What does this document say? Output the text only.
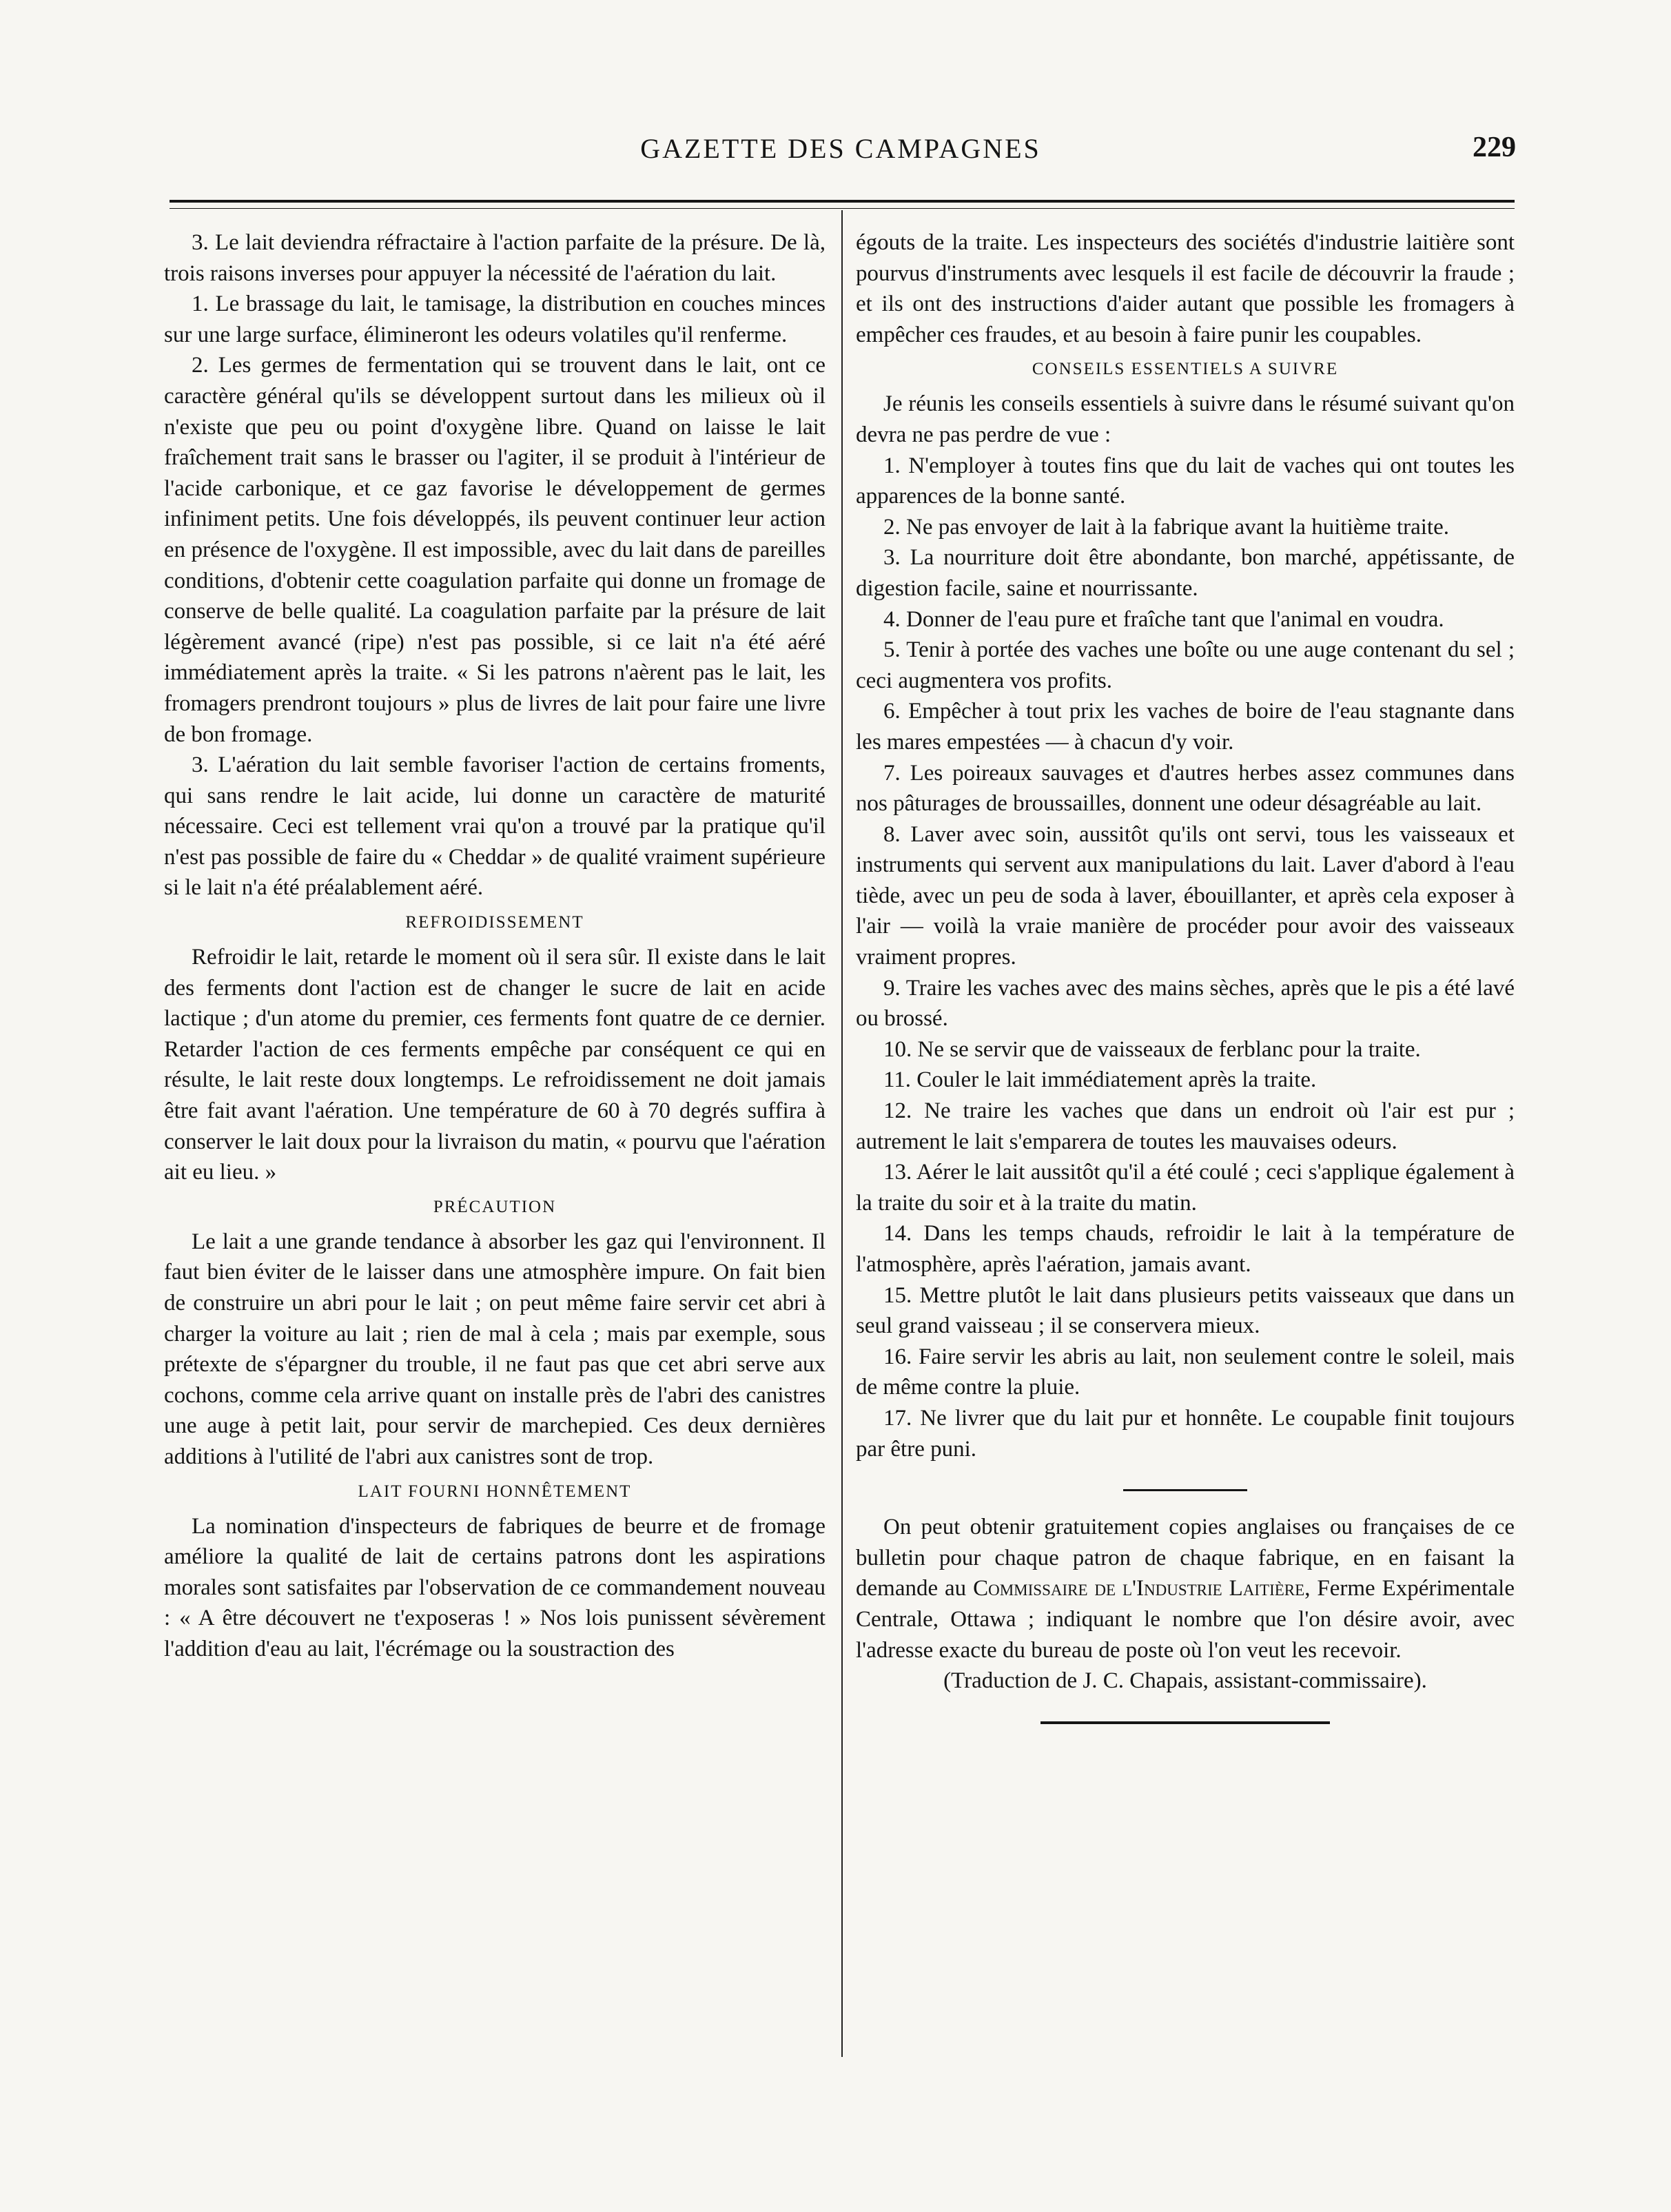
GAZETTE DES CAMPAGNES	229

3. Le lait deviendra réfractaire à l'action parfaite de la présure. De là, trois raisons inverses pour appuyer la nécessité de l'aération du lait.

1. Le brassage du lait, le tamisage, la distribution en couches minces sur une large surface, élimineront les odeurs volatiles qu'il renferme.

2. Les germes de fermentation qui se trouvent dans le lait, ont ce caractère général qu'ils se développent surtout dans les milieux où il n'existe que peu ou point d'oxygène libre. Quand on laisse le lait fraîchement trait sans le brasser ou l'agiter, il se produit à l'intérieur de l'acide carbonique, et ce gaz favorise le développement de germes infiniment petits. Une fois développés, ils peuvent continuer leur action en présence de l'oxygène. Il est impossible, avec du lait dans de pareilles conditions, d'obtenir cette coagulation parfaite qui donne un fromage de conserve de belle qualité. La coagulation parfaite par la présure de lait légèrement avancé (ripe) n'est pas possible, si ce lait n'a été aéré immédiatement après la traite. « Si les patrons n'aèrent pas le lait, les fromagers prendront toujours » plus de livres de lait pour faire une livre de bon fromage.

3. L'aération du lait semble favoriser l'action de certains froments, qui sans rendre le lait acide, lui donne un caractère de maturité nécessaire. Ceci est tellement vrai qu'on a trouvé par la pratique qu'il n'est pas possible de faire du « Cheddar » de qualité vraiment supérieure si le lait n'a été préalablement aéré.

REFROIDISSEMENT

Refroidir le lait, retarde le moment où il sera sûr. Il existe dans le lait des ferments dont l'action est de changer le sucre de lait en acide lactique ; d'un atome du premier, ces ferments font quatre de ce dernier. Retarder l'action de ces ferments empêche par conséquent ce qui en résulte, le lait reste doux longtemps. Le refroidissement ne doit jamais être fait avant l'aération. Une température de 60 à 70 degrés suffira à conserver le lait doux pour la livraison du matin, « pourvu que l'aération ait eu lieu. »

PRÉCAUTION

Le lait a une grande tendance à absorber les gaz qui l'environnent. Il faut bien éviter de le laisser dans une atmosphère impure. On fait bien de construire un abri pour le lait ; on peut même faire servir cet abri à charger la voiture au lait ; rien de mal à cela ; mais par exemple, sous prétexte de s'épargner du trouble, il ne faut pas que cet abri serve aux cochons, comme cela arrive quant on installe près de l'abri des canistres une auge à petit lait, pour servir de marchepied. Ces deux dernières additions à l'utilité de l'abri aux canistres sont de trop.

LAIT FOURNI HONNÊTEMENT

La nomination d'inspecteurs de fabriques de beurre et de fromage améliore la qualité de lait de certains patrons dont les aspirations morales sont satisfaites par l'observation de ce commandement nouveau : « A être découvert ne t'exposeras ! » Nos lois punissent sévèrement l'addition d'eau au lait, l'écrémage ou la soustraction des

égouts de la traite. Les inspecteurs des sociétés d'industrie laitière sont pourvus d'instruments avec lesquels il est facile de découvrir la fraude ; et ils ont des instructions d'aider autant que possible les fromagers à empêcher ces fraudes, et au besoin à faire punir les coupables.

CONSEILS ESSENTIELS A SUIVRE

Je réunis les conseils essentiels à suivre dans le résumé suivant qu'on devra ne pas perdre de vue :

1. N'employer à toutes fins que du lait de vaches qui ont toutes les apparences de la bonne santé.

2. Ne pas envoyer de lait à la fabrique avant la huitième traite.

3. La nourriture doit être abondante, bon marché, appétissante, de digestion facile, saine et nourrissante.

4. Donner de l'eau pure et fraîche tant que l'animal en voudra.

5. Tenir à portée des vaches une boîte ou une auge contenant du sel ; ceci augmentera vos profits.

6. Empêcher à tout prix les vaches de boire de l'eau stagnante dans les mares empestées — à chacun d'y voir.

7. Les poireaux sauvages et d'autres herbes assez communes dans nos pâturages de broussailles, donnent une odeur désagréable au lait.

8. Laver avec soin, aussitôt qu'ils ont servi, tous les vaisseaux et instruments qui servent aux manipulations du lait. Laver d'abord à l'eau tiède, avec un peu de soda à laver, ébouillanter, et après cela exposer à l'air — voilà la vraie manière de procéder pour avoir des vaisseaux vraiment propres.

9. Traire les vaches avec des mains sèches, après que le pis a été lavé ou brossé.

10. Ne se servir que de vaisseaux de ferblanc pour la traite.

11. Couler le lait immédiatement après la traite.

12. Ne traire les vaches que dans un endroit où l'air est pur ; autrement le lait s'emparera de toutes les mauvaises odeurs.

13. Aérer le lait aussitôt qu'il a été coulé ; ceci s'applique également à la traite du soir et à la traite du matin.

14. Dans les temps chauds, refroidir le lait à la température de l'atmosphère, après l'aération, jamais avant.

15. Mettre plutôt le lait dans plusieurs petits vaisseaux que dans un seul grand vaisseau ; il se conservera mieux.

16. Faire servir les abris au lait, non seulement contre le soleil, mais de même contre la pluie.

17. Ne livrer que du lait pur et honnête. Le coupable finit toujours par être puni.

On peut obtenir gratuitement copies anglaises ou françaises de ce bulletin pour chaque patron de chaque fabrique, en en faisant la demande au Commissaire de l'Industrie Laitière, Ferme Expérimentale Centrale, Ottawa ; indiquant le nombre que l'on désire avoir, avec l'adresse exacte du bureau de poste où l'on veut les recevoir.

(Traduction de J. C. Chapais, assistant-commissaire).
